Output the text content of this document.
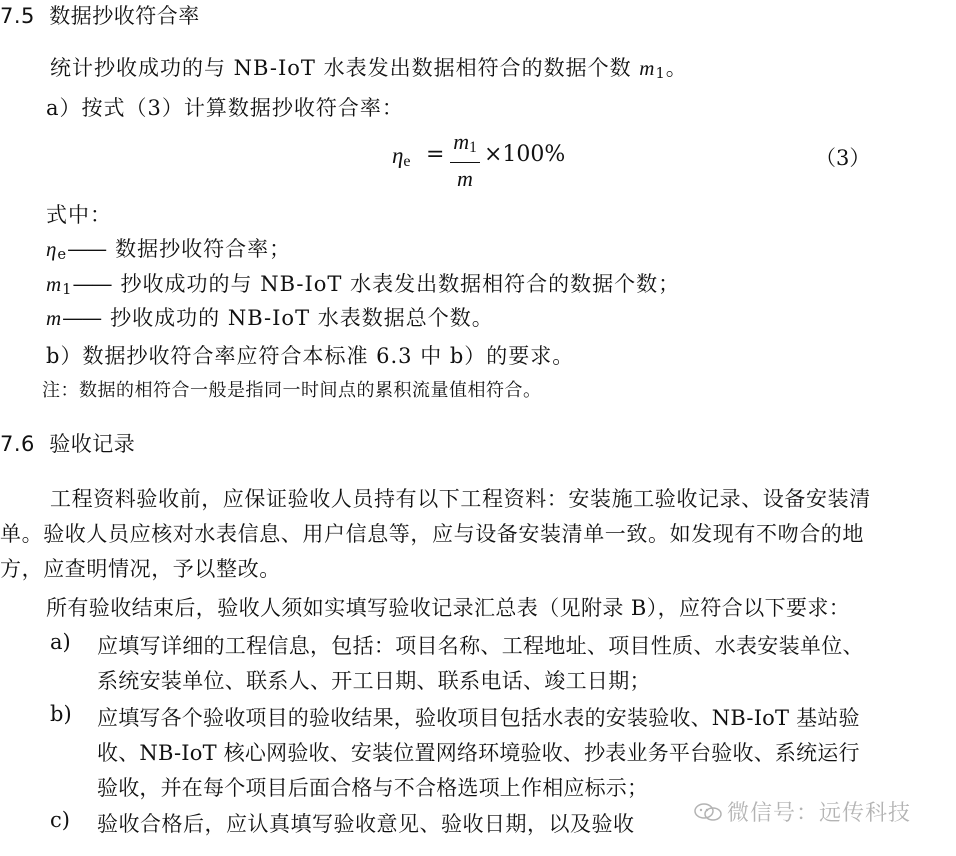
7.5 数据抄收符合率
统计抄收成功的与 NB-IoT 水表发出数据相符合的数据个数 $m_1$。
a）按式（3）计算数据抄收符合率：
$\eta_e$ =
$m_1$
m
×100%	（3）
式中：
$\eta_e——$ 数据抄收符合率；
$m_1——$ 抄收成功的与 NB-IoT 水表发出数据相符合的数据个数；
m—— 抄收成功的 NB-IoT 水表数据总个数。
b）数据抄收符合率应符合本标准 6.3 中 b）的要求。
注：数据的相符合一般是指同一时间点的累积流量值相符合。
7.6 验收记录
工程资料验收前，应保证验收人员持有以下工程资料：安装施工验收记录、设备安装清
单。验收人员应核对水表信息、用户信息等，应与设备安装清单一致。如发现有不吻合的地
方，应查明情况，予以整改。
所有验收结束后，验收人须如实填写验收记录汇总表（见附录 B），应符合以下要求：
a) 应填写详细的工程信息，包括：项目名称、工程地址、项目性质、水表安装单位、
系统安装单位、联系人、开工日期、联系电话、竣工日期；
b) 应填写各个验收项目的验收结果，验收项目包括水表的安装验收、NB-IoT 基站验
收、NB-IoT 核心网验收、安装位置网络环境验收、抄表业务平台验收、系统运行
验收，并在每个项目后面合格与不合格选项上作相应标示；
c) 验收合格后，应认真填写验收意见、验收日期，以及验收	微信号：远传科技
